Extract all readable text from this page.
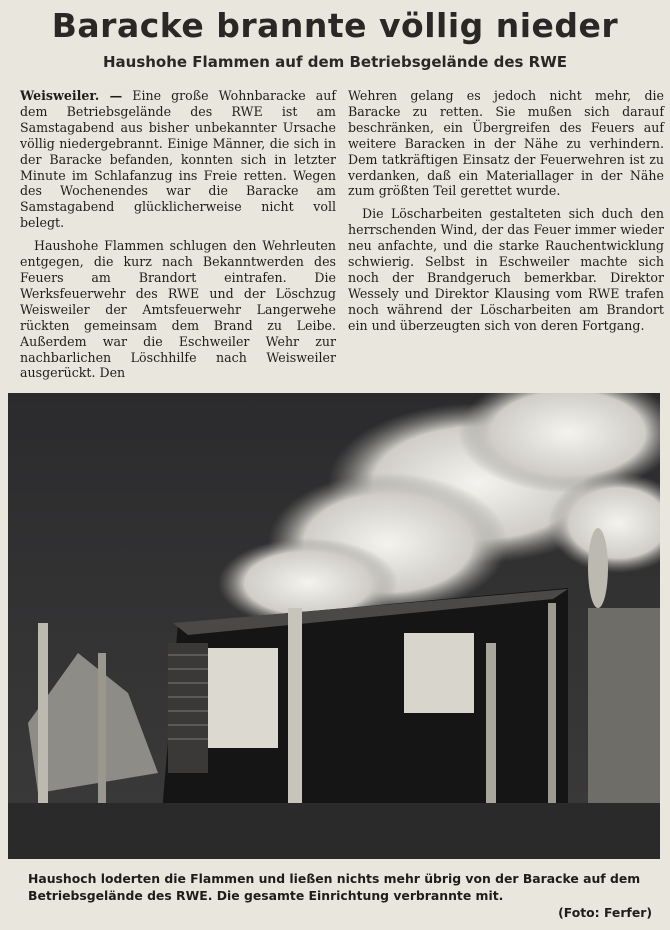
Baracke brannte völlig nieder
Haushohe Flammen auf dem Betriebsgelände des RWE

Weisweiler. — Eine große Wohnbaracke auf dem Betriebsgelände des RWE ist am Samstagabend aus bisher unbekannter Ursache völlig niedergebrannt. Einige Männer, die sich in der Baracke befanden, konnten sich in letzter Minute im Schlafanzug ins Freie retten. Wegen des Wochenendes war die Baracke am Samstagabend glücklicherweise nicht voll belegt.

Haushohe Flammen schlugen den Wehrleuten entgegen, die kurz nach Bekanntwerden des Feuers am Brandort eintrafen. Die Werksfeuerwehr des RWE und der Löschzug Weisweiler der Amtsfeuerwehr Langerwehe rückten gemeinsam dem Brand zu Leibe. Außerdem war die Eschweiler Wehr zur nachbarlichen Löschhilfe nach Weisweiler ausgerückt. Den

Wehren gelang es jedoch nicht mehr, die Baracke zu retten. Sie mußen sich darauf beschränken, ein Übergreifen des Feuers auf weitere Baracken in der Nähe zu verhindern. Dem tatkräftigen Einsatz der Feuerwehren ist zu verdanken, daß ein Materiallager in der Nähe zum größten Teil gerettet wurde.

Die Löscharbeiten gestalteten sich duch den herrschenden Wind, der das Feuer immer wieder neu anfachte, und die starke Rauchentwicklung schwierig. Selbst in Eschweiler machte sich noch der Brandgeruch bemerkbar. Direktor Wessely und Direktor Klausing vom RWE trafen noch während der Löscharbeiten am Brandort ein und überzeugten sich von deren Fortgang.

Haushoch loderten die Flammen und ließen nichts mehr übrig von der Baracke auf dem Betriebsgelände des RWE. Die gesamte Einrichtung verbrannte mit.
(Foto: Ferfer)
